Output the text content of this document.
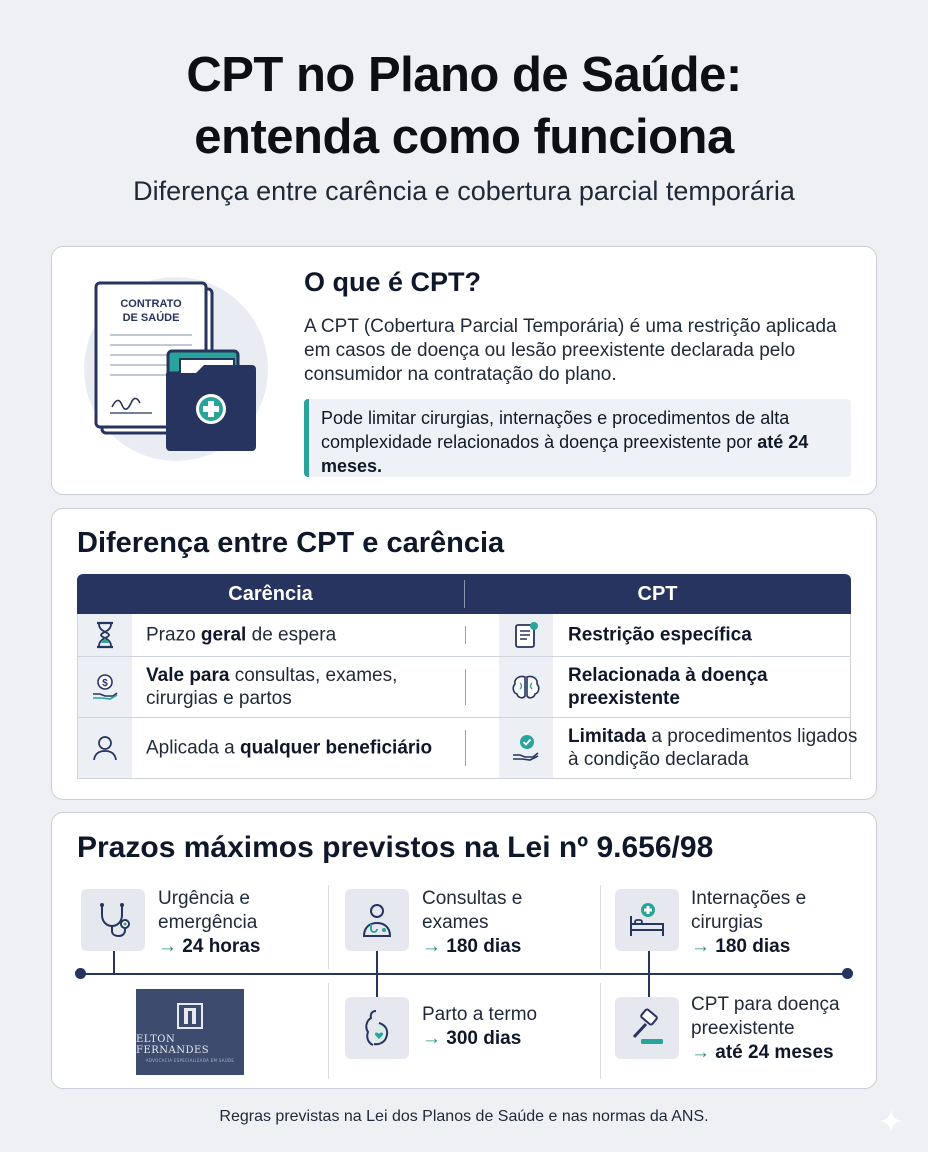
CPT no Plano de Saúde:
entenda como funciona
Diferença entre carência e cobertura parcial temporária
CONTRATO
DE SAÚDE
O que é CPT?
A CPT (Cobertura Parcial Temporária) é uma restrição aplicada em casos de doença ou lesão preexistente declarada pelo consumidor na contratação do plano.
Pode limitar cirurgias, internações e procedimentos de alta complexidade relacionados à doença preexistente por até 24 meses.
Diferença entre CPT e carência
Carência	CPT
Prazo geral de espera	Restrição específica
$ Vale para consultas, exames, cirurgias e partos
Relacionada à doença preexistente
Aplicada a qualquer beneficiário
Limitada a procedimentos ligados à condição declarada
Prazos máximos previstos na Lei nº 9.656/98
Urgência e emergência
→ 24 horas
Consultas e exames
→ 180 dias
Internações e cirurgias
→ 180 dias
ELTON FERNANDES
ADVOCACIA ESPECIALIZADA EM SAÚDE
Parto a termo
→ 300 dias
CPT para doença preexistente
→ até 24 meses
Regras previstas na Lei dos Planos de Saúde e nas normas da ANS.
